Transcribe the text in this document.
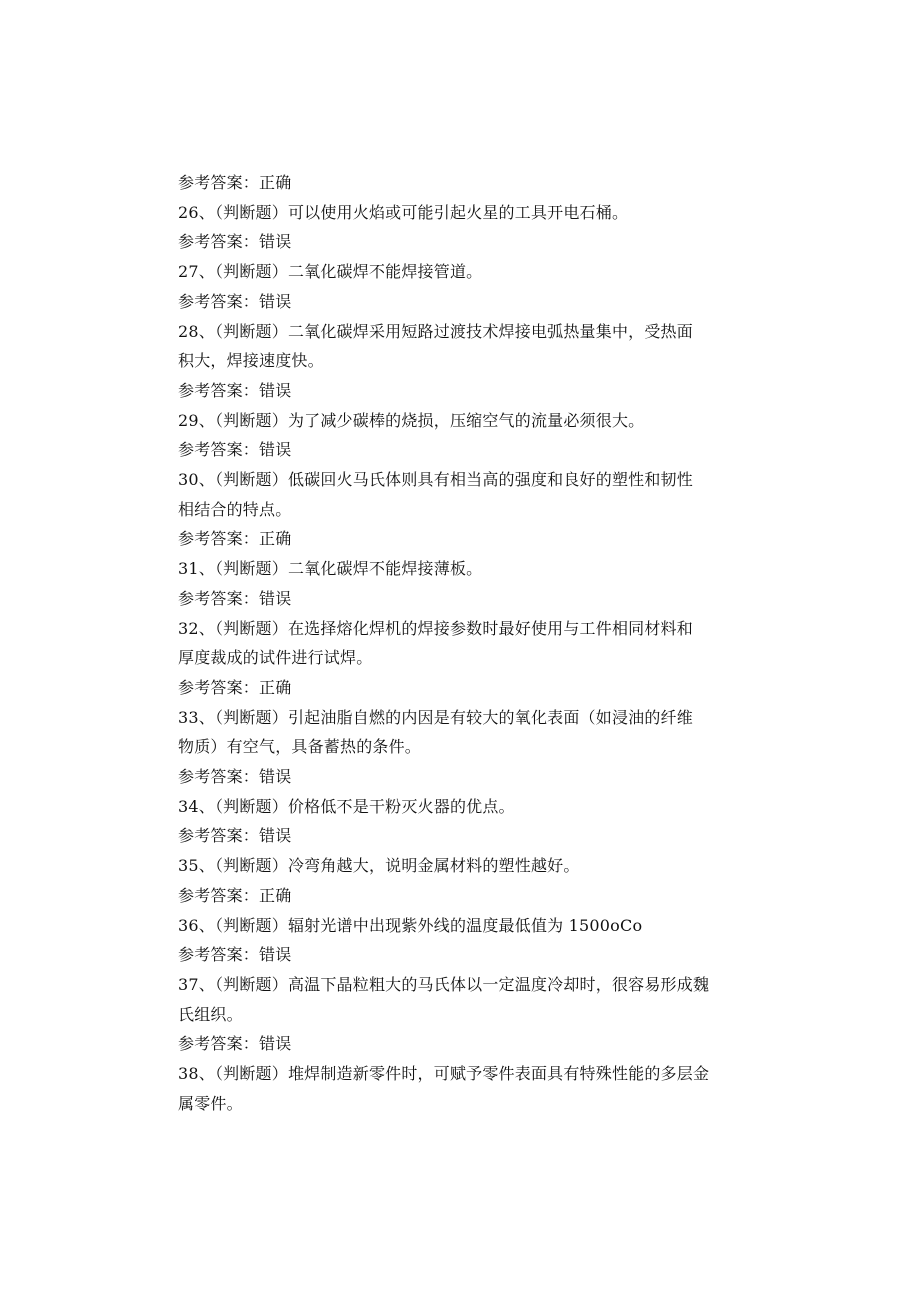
参考答案：正确
26、（判断题）可以使用火焰或可能引起火星的工具开电石桶。
参考答案：错误
27、（判断题）二氧化碳焊不能焊接管道。
参考答案：错误
28、（判断题）二氧化碳焊采用短路过渡技术焊接电弧热量集中，受热面
积大，焊接速度快。
参考答案：错误
29、（判断题）为了减少碳棒的烧损，压缩空气的流量必须很大。
参考答案：错误
30、（判断题）低碳回火马氏体则具有相当高的强度和良好的塑性和韧性
相结合的特点。
参考答案：正确
31、（判断题）二氧化碳焊不能焊接薄板。
参考答案：错误
32、（判断题）在选择熔化焊机的焊接参数时最好使用与工件相同材料和
厚度裁成的试件进行试焊。
参考答案：正确
33、（判断题）引起油脂自燃的内因是有较大的氧化表面（如浸油的纤维
物质）有空气，具备蓄热的条件。
参考答案：错误
34、（判断题）价格低不是干粉灭火器的优点。
参考答案：错误
35、（判断题）冷弯角越大，说明金属材料的塑性越好。
参考答案：正确
36、（判断题）辐射光谱中出现紫外线的温度最低值为 1500oCo
参考答案：错误
37、（判断题）高温下晶粒粗大的马氏体以一定温度冷却时，很容易形成魏
氏组织。
参考答案：错误
38、（判断题）堆焊制造新零件时，可赋予零件表面具有特殊性能的多层金
属零件。
